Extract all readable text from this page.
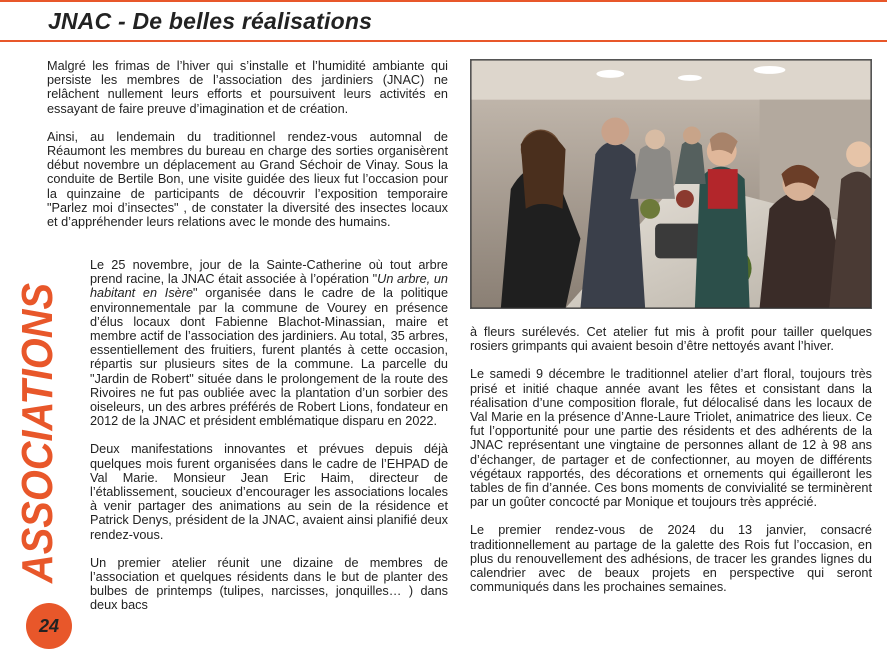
JNAC - De belles réalisations
ASSOCIATIONS
24

Malgré les frimas de l’hiver qui s’installe et l’humidité ambiante qui persiste les membres de l’association des jardiniers (JNAC) ne relâchent nullement leurs efforts et poursuivent leurs activités en essayant de faire preuve d’imagination et de création.

Ainsi, au lendemain du traditionnel rendez-vous automnal de Réaumont les membres du bureau en charge des sorties organisèrent début novembre un déplacement au Grand Séchoir de Vinay. Sous la conduite de Bertile Bon, une visite guidée des lieux fut l’occasion pour la quinzaine de participants de découvrir l’exposition temporaire "Parlez moi d’insectes" , de constater la diversité des insectes locaux et d’appréhender leurs relations avec le monde des humains.

Le 25 novembre, jour de la Sainte-Catherine où tout arbre prend racine, la JNAC était associée à l’opération "Un arbre, un habitant en Isère" organisée dans le cadre de la politique environnementale par la commune de Vourey en présence d’élus locaux dont Fabienne Blachot-Minassian, maire et membre actif de l’association des jardiniers. Au total, 35 arbres, essentiellement des fruitiers, furent plantés à cette occasion, répartis sur plusieurs sites de la commune. La parcelle du "Jardin de Robert" située dans le prolongement de la route des Rivoires ne fut pas oubliée avec la plantation d’un sorbier des oiseleurs, un des arbres préférés de Robert Lions, fondateur en 2012 de la JNAC et président emblématique disparu en 2022.

Deux manifestations innovantes et prévues depuis déjà quelques mois furent organisées dans le cadre de l’EHPAD de Val Marie. Monsieur Jean Eric Haim, directeur de l’établissement, soucieux d’encourager les associations locales à venir partager des animations au sein de la résidence et Patrick Denys, président de la JNAC, avaient ainsi planifié deux rendez-vous.

Un premier atelier réunit une dizaine de membres de l’association et quelques résidents dans le but de planter des bulbes de printemps (tulipes, narcisses, jonquilles… ) dans deux bacs

à fleurs surélevés. Cet atelier fut mis à profit pour tailler quelques rosiers grimpants qui avaient besoin d’être nettoyés avant l’hiver.

Le samedi 9 décembre le traditionnel atelier d’art floral, toujours très prisé et initié chaque année avant les fêtes et consistant dans la réalisation d’une composition florale, fut délocalisé dans les locaux de Val Marie en la présence d’Anne-Laure Triolet, animatrice des lieux. Ce fut l’opportunité pour une partie des résidents et des adhérents de la JNAC représentant une vingtaine de personnes allant de 12 à 98 ans d’échanger, de partager et de confectionner, au moyen de différents végétaux rapportés, des décorations et ornements qui égailleront les tables de fin d’année. Ces bons moments de convivialité se terminèrent par un goûter concocté par Monique et toujours très apprécié.

Le premier rendez-vous de 2024 du 13 janvier, consacré traditionnellement au partage de la galette des Rois fut l’occasion, en plus du renouvellement des adhésions, de tracer les grandes lignes du calendrier avec de beaux projets en perspective qui seront communiqués dans les prochaines semaines.
